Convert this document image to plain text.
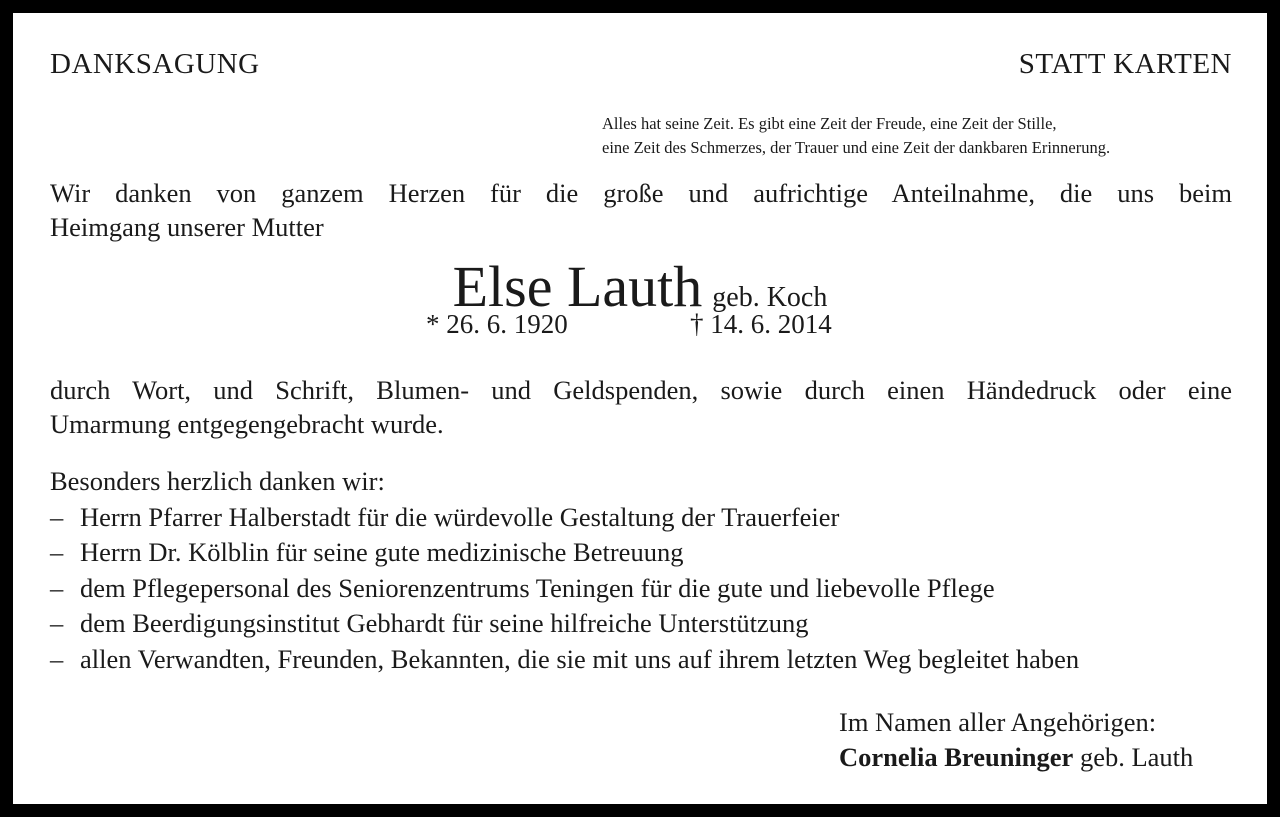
DANKSAGUNG	STATT KARTEN
Alles hat seine Zeit. Es gibt eine Zeit der Freude, eine Zeit der Stille,
eine Zeit des Schmerzes, der Trauer und eine Zeit der dankbaren Erinnerung.
Wir danken von ganzem Herzen für die große und aufrichtige Anteilnahme, die uns beim
Heimgang unserer Mutter
Else Lauth geb. Koch
* 26. 6. 1920	† 14. 6. 2014
durch Wort, und Schrift, Blumen- und Geldspenden, sowie durch einen Händedruck oder eine
Umarmung entgegengebracht wurde.
Besonders herzlich danken wir:
– Herrn Pfarrer Halberstadt für die würdevolle Gestaltung der Trauerfeier
– Herrn Dr. Kölblin für seine gute medizinische Betreuung
– dem Pflegepersonal des Seniorenzentrums Teningen für die gute und liebevolle Pflege
– dem Beerdigungsinstitut Gebhardt für seine hilfreiche Unterstützung
– allen Verwandten, Freunden, Bekannten, die sie mit uns auf ihrem letzten Weg begleitet haben
Im Namen aller Angehörigen:
Cornelia Breuninger geb. Lauth
